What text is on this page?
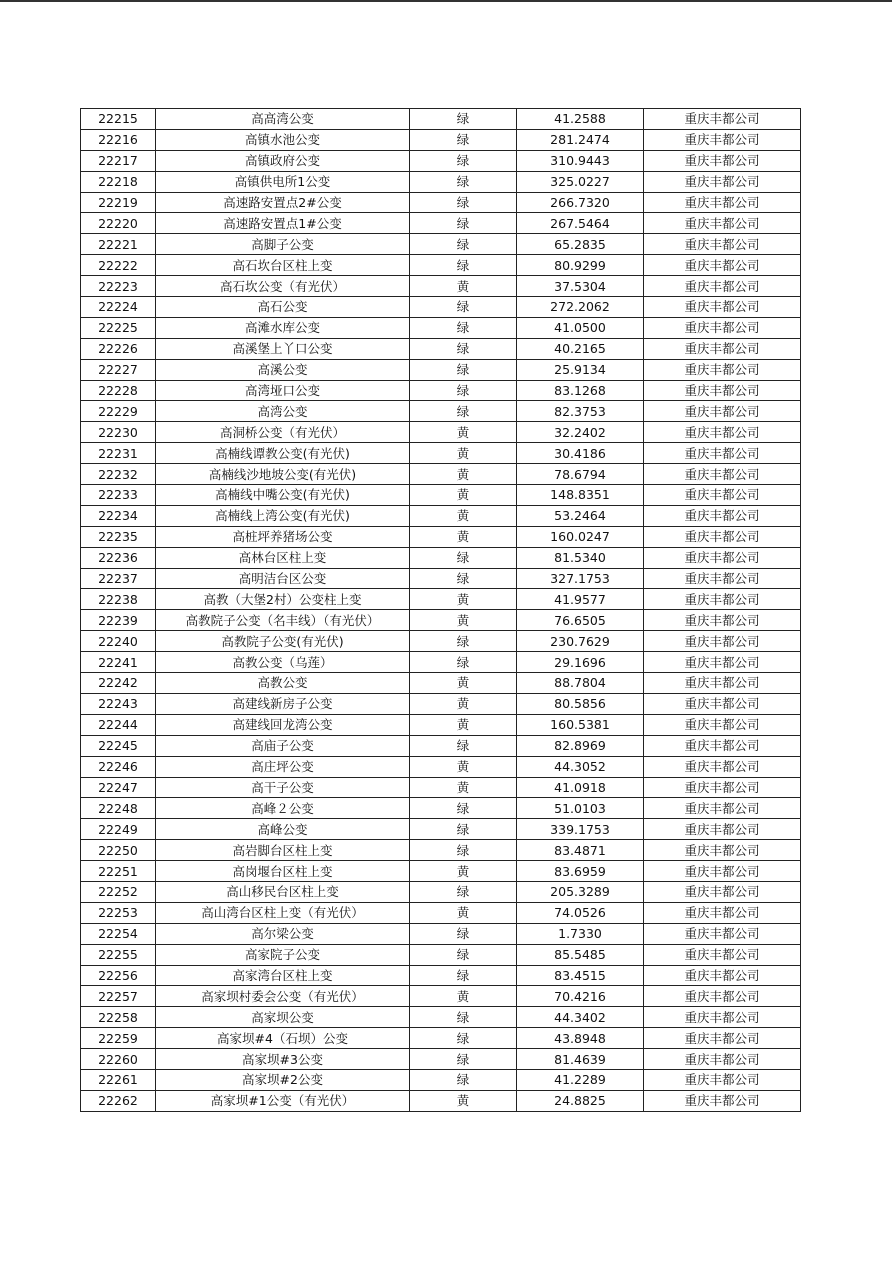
22215	高高湾公变	绿	41.2588	重庆丰都公司
22216	高镇水池公变	绿	281.2474	重庆丰都公司
22217	高镇政府公变	绿	310.9443	重庆丰都公司
22218	高镇供电所1公变	绿	325.0227	重庆丰都公司
22219	高速路安置点2#公变	绿	266.7320	重庆丰都公司
22220	高速路安置点1#公变	绿	267.5464	重庆丰都公司
22221	高脚子公变	绿	65.2835	重庆丰都公司
22222	高石坎台区柱上变	绿	80.9299	重庆丰都公司
22223	高石坎公变（有光伏）	黄	37.5304	重庆丰都公司
22224	高石公变	绿	272.2062	重庆丰都公司
22225	高滩水库公变	绿	41.0500	重庆丰都公司
22226	高溪堡上丫口公变	绿	40.2165	重庆丰都公司
22227	高溪公变	绿	25.9134	重庆丰都公司
22228	高湾垭口公变	绿	83.1268	重庆丰都公司
22229	高湾公变	绿	82.3753	重庆丰都公司
22230	高洞桥公变（有光伏）	黄	32.2402	重庆丰都公司
22231	高楠线谭教公变(有光伏)	黄	30.4186	重庆丰都公司
22232	高楠线沙地坡公变(有光伏)	黄	78.6794	重庆丰都公司
22233	高楠线中嘴公变(有光伏)	黄	148.8351	重庆丰都公司
22234	高楠线上湾公变(有光伏)	黄	53.2464	重庆丰都公司
22235	高桩坪养猪场公变	黄	160.0247	重庆丰都公司
22236	高林台区柱上变	绿	81.5340	重庆丰都公司
22237	高明洁台区公变	绿	327.1753	重庆丰都公司
22238	高教（大堡2村）公变柱上变	黄	41.9577	重庆丰都公司
22239	高教院子公变（名丰线）（有光伏）	黄	76.6505	重庆丰都公司
22240	高教院子公变(有光伏)	绿	230.7629	重庆丰都公司
22241	高教公变（乌莲）	绿	29.1696	重庆丰都公司
22242	高教公变	黄	88.7804	重庆丰都公司
22243	高建线新房子公变	黄	80.5856	重庆丰都公司
22244	高建线回龙湾公变	黄	160.5381	重庆丰都公司
22245	高庙子公变	绿	82.8969	重庆丰都公司
22246	高庄坪公变	黄	44.3052	重庆丰都公司
22247	高干子公变	黄	41.0918	重庆丰都公司
22248	高峰２公变	绿	51.0103	重庆丰都公司
22249	高峰公变	绿	339.1753	重庆丰都公司
22250	高岩脚台区柱上变	绿	83.4871	重庆丰都公司
22251	高岗堰台区柱上变	黄	83.6959	重庆丰都公司
22252	高山移民台区柱上变	绿	205.3289	重庆丰都公司
22253	高山湾台区柱上变（有光伏）	黄	74.0526	重庆丰都公司
22254	高尔梁公变	绿	1.7330	重庆丰都公司
22255	高家院子公变	绿	85.5485	重庆丰都公司
22256	高家湾台区柱上变	绿	83.4515	重庆丰都公司
22257	高家坝村委会公变（有光伏）	黄	70.4216	重庆丰都公司
22258	高家坝公变	绿	44.3402	重庆丰都公司
22259	高家坝#4（石坝）公变	绿	43.8948	重庆丰都公司
22260	高家坝#3公变	绿	81.4639	重庆丰都公司
22261	高家坝#2公变	绿	41.2289	重庆丰都公司
22262	高家坝#1公变（有光伏）	黄	24.8825	重庆丰都公司
